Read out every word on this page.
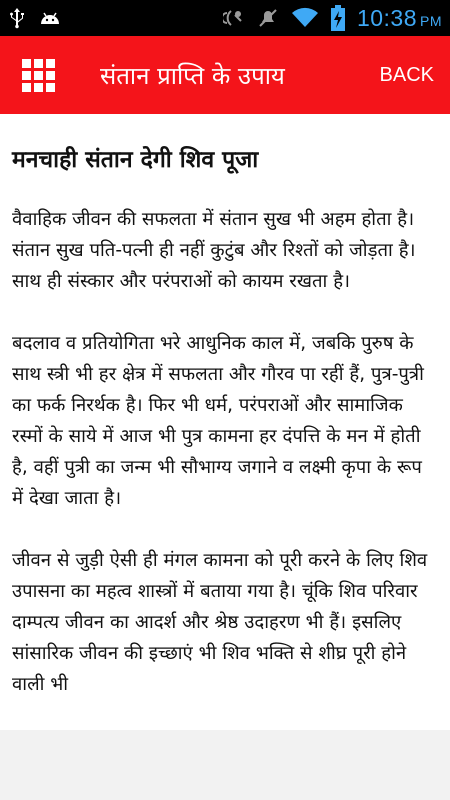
10:38 PM
संतान प्राप्ति के उपाय	BACK
मनचाही संतान देगी शिव पूजा

वैवाहिक जीवन की सफलता में संतान सुख भी अहम होता है। संतान सुख पति-पत्नी ही नहीं कुटुंब और रिश्तों को जोड़ता है। साथ ही संस्कार और परंपराओं को कायम रखता है।

बदलाव व प्रतियोगिता भरे आधुनिक काल में, जबकि पुरुष के साथ स्त्री भी हर क्षेत्र में सफलता और गौरव पा रहीं हैं, पुत्र-पुत्री का फर्क निरर्थक है। फिर भी धर्म, परंपराओं और सामाजिक रस्मों के साये में आज भी पुत्र कामना हर दंपत्ति के मन में होती है, वहीं पुत्री का जन्म भी सौभाग्य जगाने व लक्ष्मी कृपा के रूप में देखा जाता है।

जीवन से जुड़ी ऐसी ही मंगल कामना को पूरी करने के लिए शिव उपासना का महत्व शास्त्रों में बताया गया है। चूंकि शिव परिवार दाम्पत्य जीवन का आदर्श और श्रेष्ठ उदाहरण भी हैं। इसलिए सांसारिक जीवन की इच्छाएं भी शिव भक्ति से शीघ्र पूरी होने वाली भी
